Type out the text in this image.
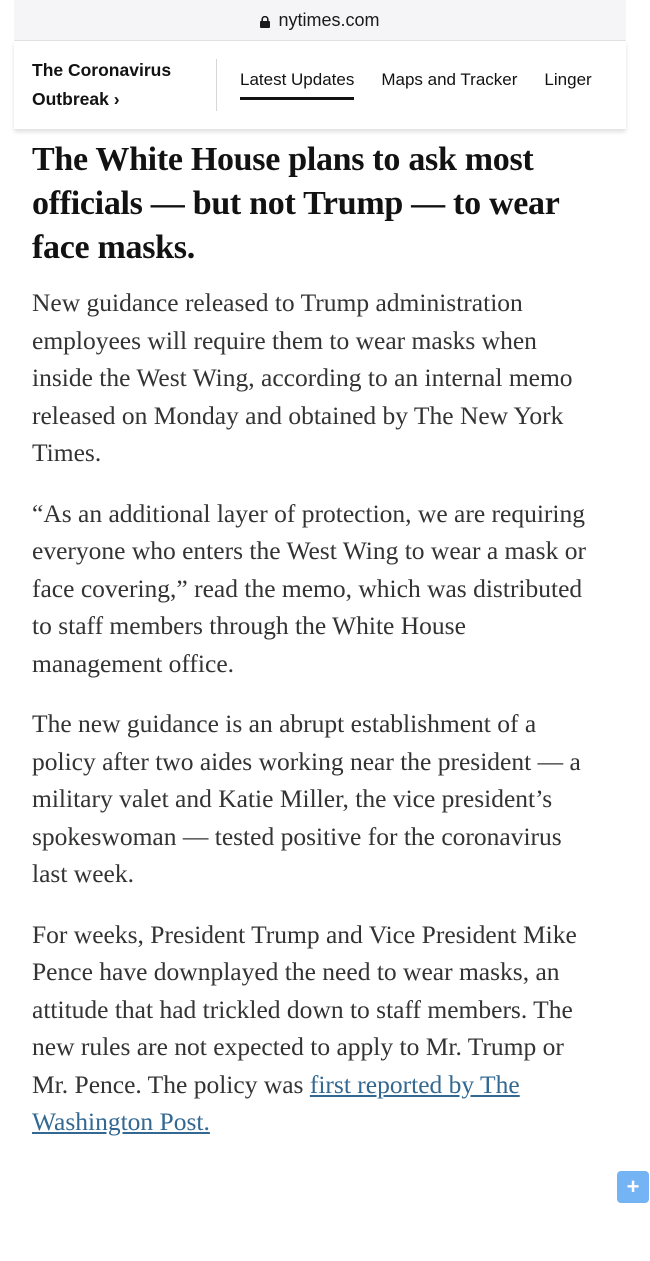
nytimes.com
The Coronavirus
Outbreak ›
Latest Updates Maps and Tracker Linger
The White House plans to ask most officials — but not Trump — to wear face masks.

New guidance released to Trump administration employees will require them to wear masks when inside the West Wing, according to an internal memo released on Monday and obtained by The New York Times.

“As an additional layer of protection, we are requiring everyone who enters the West Wing to wear a mask or face covering,” read the memo, which was distributed to staff members through the White House management office.

The new guidance is an abrupt establishment of a policy after two aides working near the president — a military valet and Katie Miller, the vice president’s spokeswoman — tested positive for the coronavirus last week.

For weeks, President Trump and Vice President Mike Pence have downplayed the need to wear masks, an attitude that had trickled down to staff members. The new rules are not expected to apply to Mr. Trump or Mr. Pence. The policy was first reported by The Washington Post.

+
